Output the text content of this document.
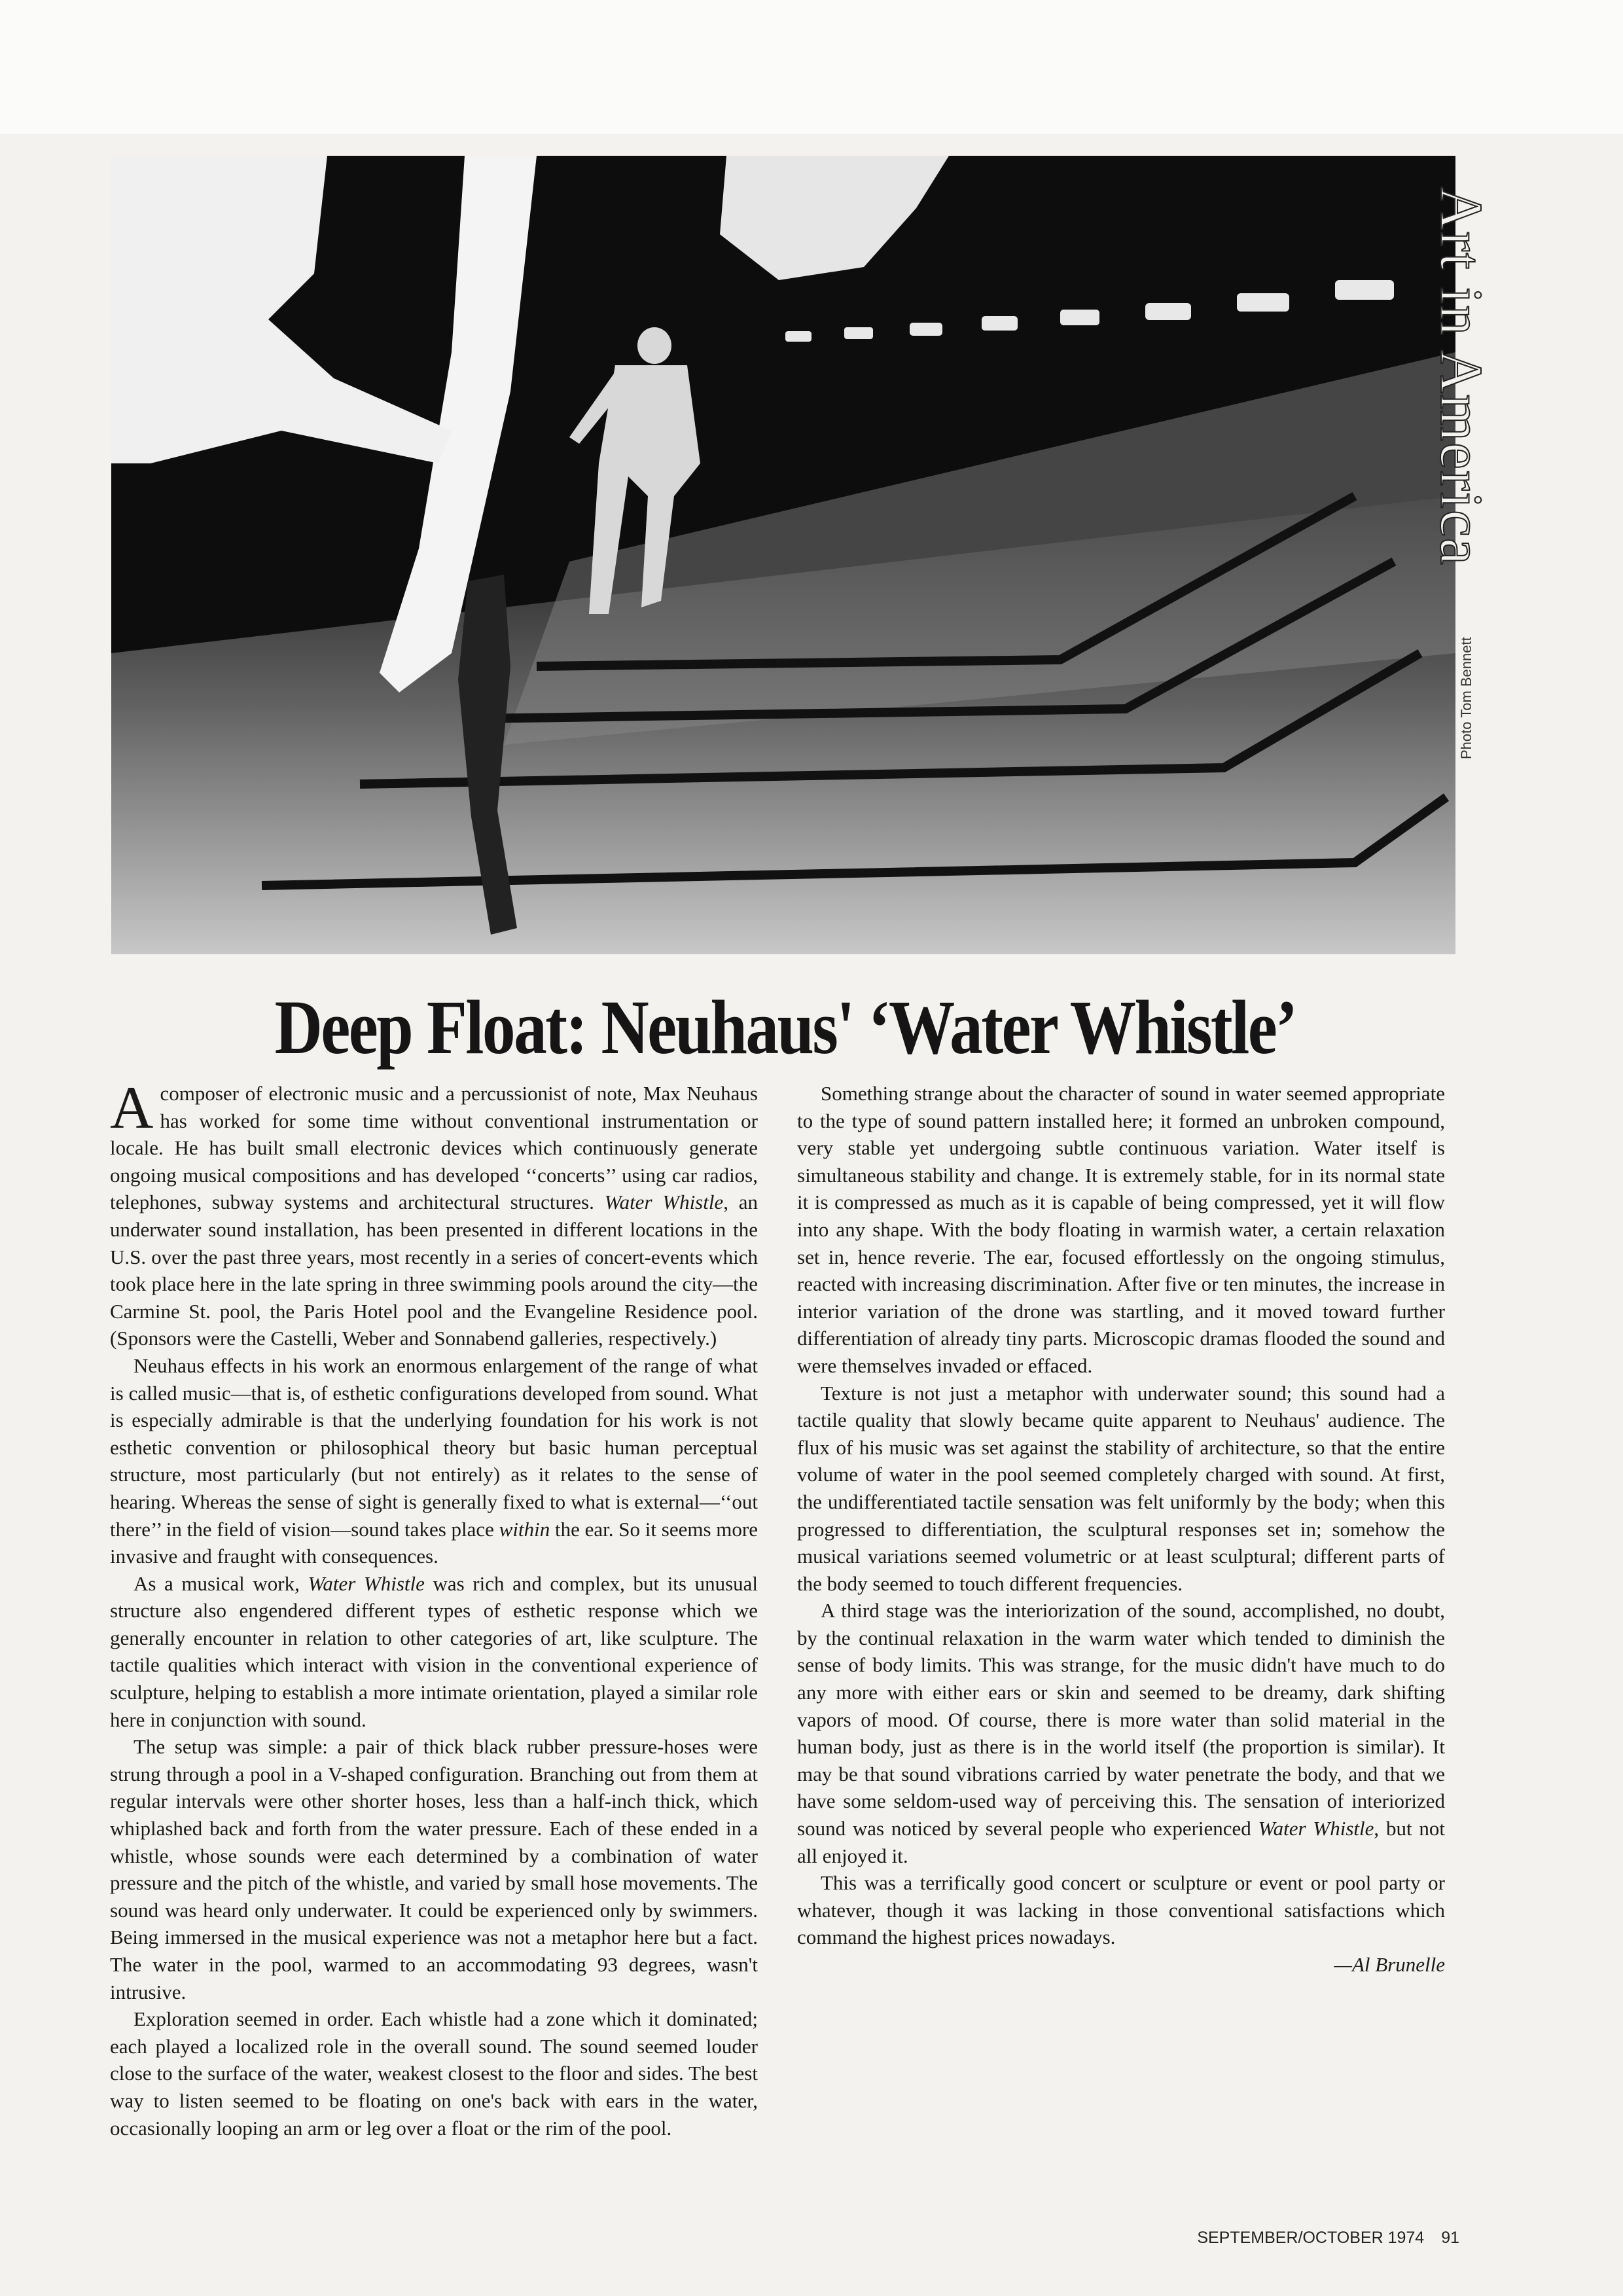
Photo Tom Bennett
Art in America
Deep Float: Neuhaus' ‘Water Whistle’

Acomposer of electronic music and a percussionist of note, Max Neuhaus has worked for some time without conventional instrumentation or locale. He has built small electronic devices which continuously generate ongoing musical compositions and has developed ‘‘concerts’’ using car radios, telephones, subway systems and architectural structures. Water Whistle, an underwater sound installation, has been presented in different locations in the U.S. over the past three years, most recently in a series of concert-events which took place here in the late spring in three swimming pools around the city—the Carmine St. pool, the Paris Hotel pool and the Evangeline Residence pool. (Sponsors were the Castelli, Weber and Sonnabend galleries, respectively.)

Neuhaus effects in his work an enormous enlargement of the range of what is called music—that is, of esthetic configurations developed from sound. What is especially admirable is that the underlying foundation for his work is not esthetic convention or philosophical theory but basic human perceptual structure, most particularly (but not entirely) as it relates to the sense of hearing. Whereas the sense of sight is generally fixed to what is external—‘‘out there’’ in the field of vision—sound takes place within the ear. So it seems more invasive and fraught with consequences.

As a musical work, Water Whistle was rich and complex, but its unusual structure also engendered different types of esthetic response which we generally encounter in relation to other categories of art, like sculpture. The tactile qualities which interact with vision in the conventional experience of sculpture, helping to establish a more intimate orientation, played a similar role here in conjunction with sound.

The setup was simple: a pair of thick black rubber pressure-hoses were strung through a pool in a V-shaped configuration. Branching out from them at regular intervals were other shorter hoses, less than a half-inch thick, which whiplashed back and forth from the water pressure. Each of these ended in a whistle, whose sounds were each determined by a combination of water pressure and the pitch of the whistle, and varied by small hose movements. The sound was heard only underwater. It could be experienced only by swimmers. Being immersed in the musical experience was not a metaphor here but a fact. The water in the pool, warmed to an accommodating 93 degrees, wasn't intrusive.

Exploration seemed in order. Each whistle had a zone which it dominated; each played a localized role in the overall sound. The sound seemed louder close to the surface of the water, weakest closest to the floor and sides. The best way to listen seemed to be floating on one's back with ears in the water, occasionally looping an arm or leg over a float or the rim of the pool.

Something strange about the character of sound in water seemed appropriate to the type of sound pattern installed here; it formed an unbroken compound, very stable yet undergoing subtle continuous variation. Water itself is simultaneous stability and change. It is extremely stable, for in its normal state it is compressed as much as it is capable of being compressed, yet it will flow into any shape. With the body floating in warmish water, a certain relaxation set in, hence reverie. The ear, focused effortlessly on the ongoing stimulus, reacted with increasing discrimination. After five or ten minutes, the increase in interior variation of the drone was startling, and it moved toward further differentiation of already tiny parts. Microscopic dramas flooded the sound and were themselves invaded or effaced.

Texture is not just a metaphor with underwater sound; this sound had a tactile quality that slowly became quite apparent to Neuhaus' audience. The flux of his music was set against the stability of architecture, so that the entire volume of water in the pool seemed completely charged with sound. At first, the undifferentiated tactile sensation was felt uniformly by the body; when this progressed to differentiation, the sculptural responses set in; somehow the musical variations seemed volumetric or at least sculptural; different parts of the body seemed to touch different frequencies.

A third stage was the interiorization of the sound, accomplished, no doubt, by the continual relaxation in the warm water which tended to diminish the sense of body limits. This was strange, for the music didn't have much to do any more with either ears or skin and seemed to be dreamy, dark shifting vapors of mood. Of course, there is more water than solid material in the human body, just as there is in the world itself (the proportion is similar). It may be that sound vibrations carried by water penetrate the body, and that we have some seldom-used way of perceiving this. The sensation of interiorized sound was noticed by several people who experienced Water Whistle, but not all enjoyed it.

This was a terrifically good concert or sculpture or event or pool party or whatever, though it was lacking in those conventional satisfactions which command the highest prices nowadays.

—Al Brunelle
SEPTEMBER/OCTOBER 1974 91
